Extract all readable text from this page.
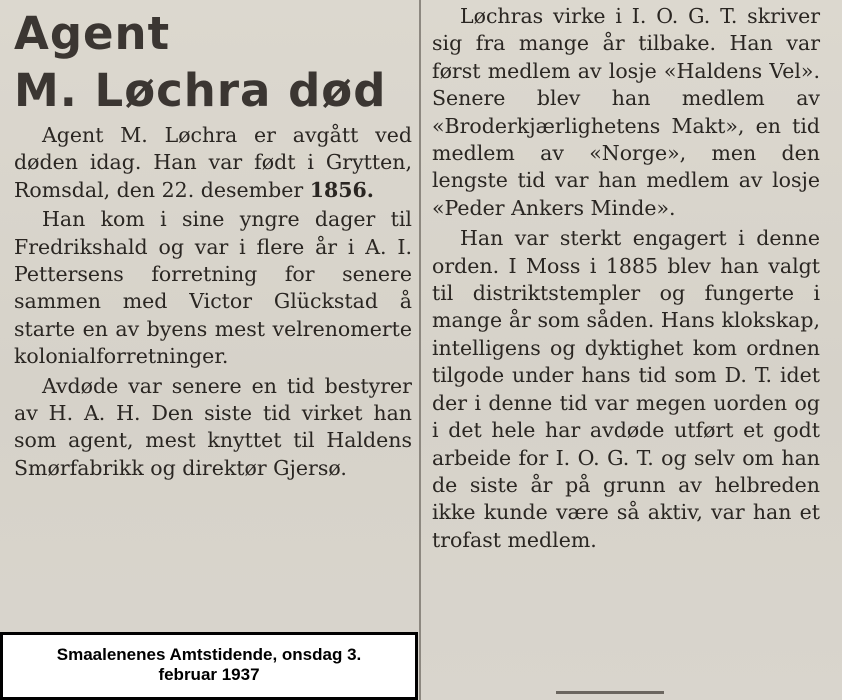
Agent
M. Løchra død

Agent M. Løchra er avgått ved døden idag. Han var født i Grytten, Romsdal, den 22. desember 1856.

Han kom i sine yngre dager til Fredrikshald og var i flere år i A. I. Pettersens forretning for senere sammen med Victor Glückstad å starte en av byens mest velrenomerte kolonialforretninger.

Avdøde var senere en tid bestyrer av H. A. H. Den siste tid virket han som agent, mest knyttet til Haldens Smørfabrikk og direktør Gjersø.

Løchras virke i I. O. G. T. skriver sig fra mange år tilbake. Han var først medlem av losje «Haldens Vel». Senere blev han medlem av «Broderkjærlighetens Makt», en tid medlem av «Norge», men den lengste tid var han medlem av losje «Peder Ankers Minde».

Han var sterkt engagert i denne orden. I Moss i 1885 blev han valgt til distriktstempler og fungerte i mange år som såden. Hans klokskap, intelligens og dyktighet kom ordnen tilgode under hans tid som D. T. idet der i denne tid var megen uorden og i det hele har avdøde utført et godt arbeide for I. O. G. T. og selv om han de siste år på grunn av helbreden ikke kunde være så aktiv, var han et trofast medlem.

Smaalenenes Amtstidende, onsdag 3.
februar 1937
